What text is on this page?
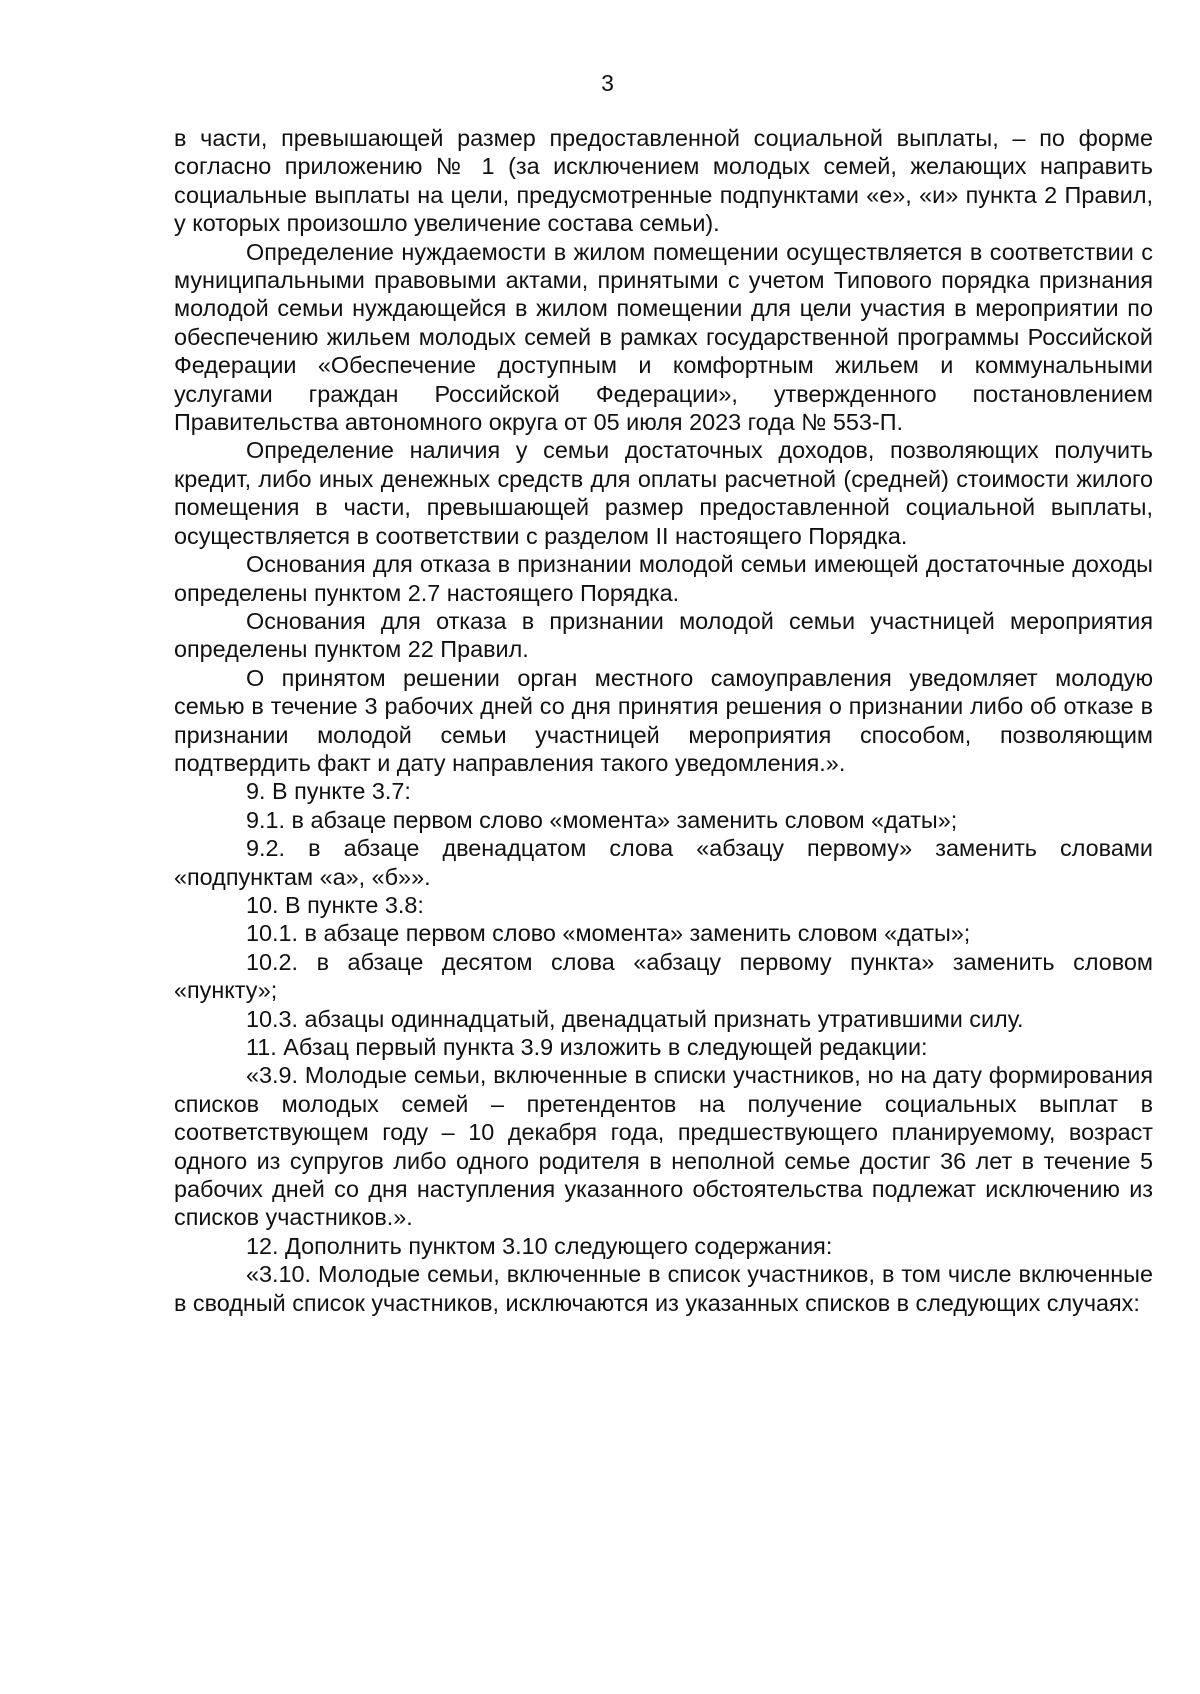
3

в части, превышающей размер предоставленной социальной выплаты, – по форме согласно приложению № 1 (за исключением молодых семей, желающих направить социальные выплаты на цели, предусмотренные подпунктами «е», «и» пункта 2 Правил, у которых произошло увеличение состава семьи).

Определение нуждаемости в жилом помещении осуществляется в соответствии с муниципальными правовыми актами, принятыми с учетом Типового порядка признания молодой семьи нуждающейся в жилом помещении для цели участия в мероприятии по обеспечению жильем молодых семей в рамках государственной программы Российской Федерации «Обеспечение доступным и комфортным жильем и коммунальными услугами граждан Российской Федерации», утвержденного постановлением Правительства автономного округа от 05 июля 2023 года № 553-П.

Определение наличия у семьи достаточных доходов, позволяющих получить кредит, либо иных денежных средств для оплаты расчетной (средней) стоимости жилого помещения в части, превышающей размер предоставленной социальной выплаты, осуществляется в соответствии с разделом II настоящего Порядка.

Основания для отказа в признании молодой семьи имеющей достаточные доходы определены пунктом 2.7 настоящего Порядка.

Основания для отказа в признании молодой семьи участницей мероприятия определены пунктом 22 Правил.

О принятом решении орган местного самоуправления уведомляет молодую семью в течение 3 рабочих дней со дня принятия решения о признании либо об отказе в признании молодой семьи участницей мероприятия способом, позволяющим подтвердить факт и дату направления такого уведомления.».

9. В пункте 3.7:

9.1. в абзаце первом слово «момента» заменить словом «даты»;

9.2. в абзаце двенадцатом слова «абзацу первому» заменить словами «подпунктам «а», «б»».

10. В пункте 3.8:

10.1. в абзаце первом слово «момента» заменить словом «даты»;

10.2. в абзаце десятом слова «абзацу первому пункта» заменить словом «пункту»;

10.3. абзацы одиннадцатый, двенадцатый признать утратившими силу.

11. Абзац первый пункта 3.9 изложить в следующей редакции:

«3.9. Молодые семьи, включенные в списки участников, но на дату формирования списков молодых семей – претендентов на получение социальных выплат в соответствующем году – 10 декабря года, предшествующего планируемому, возраст одного из супругов либо одного родителя в неполной семье достиг 36 лет в течение 5 рабочих дней со дня наступления указанного обстоятельства подлежат исключению из списков участников.».

12. Дополнить пунктом 3.10 следующего содержания:

«3.10. Молодые семьи, включенные в список участников, в том числе включенные в сводный список участников, исключаются из указанных списков в следующих случаях:
